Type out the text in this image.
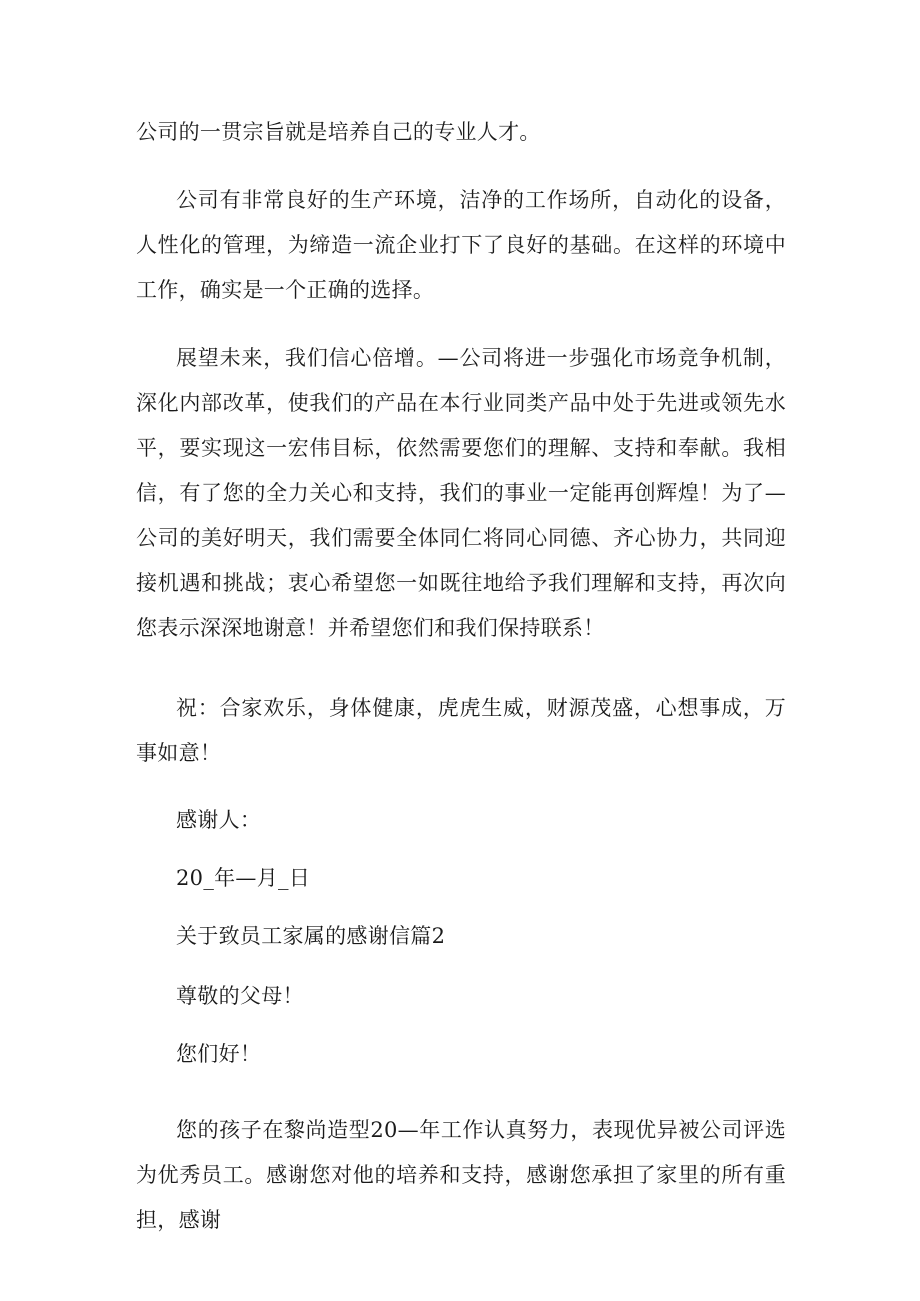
公司的一贯宗旨就是培养自己的专业人才。

公司有非常良好的生产环境，洁净的工作场所，自动化的设备，人性化的管理，为缔造一流企业打下了良好的基础。在这样的环境中工作，确实是一个正确的选择。

展望未来，我们信心倍增。—公司将进一步强化市场竞争机制，深化内部改革，使我们的产品在本行业同类产品中处于先进或领先水平，要实现这一宏伟目标，依然需要您们的理解、支持和奉献。我相信，有了您的全力关心和支持，我们的事业一定能再创辉煌！为了—公司的美好明天，我们需要全体同仁将同心同德、齐心协力，共同迎接机遇和挑战；衷心希望您一如既往地给予我们理解和支持，再次向您表示深深地谢意！并希望您们和我们保持联系！

祝：合家欢乐，身体健康，虎虎生威，财源茂盛，心想事成，万事如意！

感谢人：

20_年—月_日

关于致员工家属的感谢信篇2

尊敬的父母！

您们好！

您的孩子在黎尚造型20—年工作认真努力，表现优异被公司评选为优秀员工。感谢您对他的培养和支持，感谢您承担了家里的所有重担，感谢
